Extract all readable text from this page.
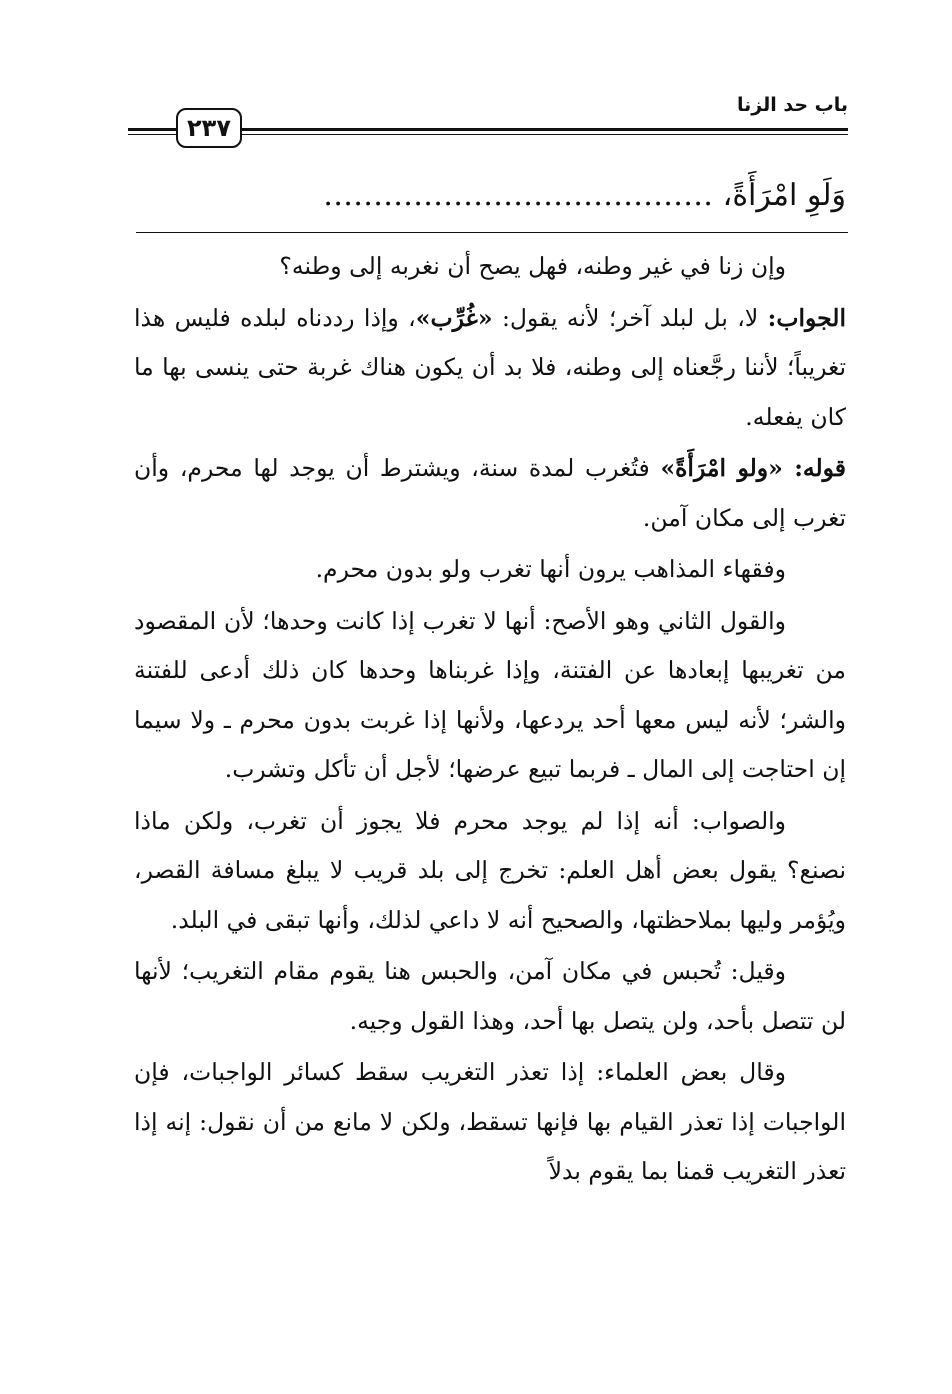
٢٣٧
باب حد الزنا
وَلَوِ امْرَأَةً، …………………………………

وإن زنا في غير وطنه، فهل يصح أن نغربه إلى وطنه؟

الجواب: لا، بل لبلد آخر؛ لأنه يقول: «غُرِّب»، وإذا رددناه لبلده فليس هذا تغريباً؛ لأننا رجَّعناه إلى وطنه، فلا بد أن يكون هناك غربة حتى ينسى بها ما كان يفعله.

قوله: «ولو امْرَأَةً» فتُغرب لمدة سنة، ويشترط أن يوجد لها محرم، وأن تغرب إلى مكان آمن.

وفقهاء المذاهب يرون أنها تغرب ولو بدون محرم.

والقول الثاني وهو الأصح: أنها لا تغرب إذا كانت وحدها؛ لأن المقصود من تغريبها إبعادها عن الفتنة، وإذا غربناها وحدها كان ذلك أدعى للفتنة والشر؛ لأنه ليس معها أحد يردعها، ولأنها إذا غربت بدون محرم ـ ولا سيما إن احتاجت إلى المال ـ فربما تبيع عرضها؛ لأجل أن تأكل وتشرب.

والصواب: أنه إذا لم يوجد محرم فلا يجوز أن تغرب، ولكن ماذا نصنع؟ يقول بعض أهل العلم: تخرج إلى بلد قريب لا يبلغ مسافة القصر، ويُؤمر وليها بملاحظتها، والصحيح أنه لا داعي لذلك، وأنها تبقى في البلد.

وقيل: تُحبس في مكان آمن، والحبس هنا يقوم مقام التغريب؛ لأنها لن تتصل بأحد، ولن يتصل بها أحد، وهذا القول وجيه.

وقال بعض العلماء: إذا تعذر التغريب سقط كسائر الواجبات، فإن الواجبات إذا تعذر القيام بها فإنها تسقط، ولكن لا مانع من أن نقول: إنه إذا تعذر التغريب قمنا بما يقوم بدلاً
